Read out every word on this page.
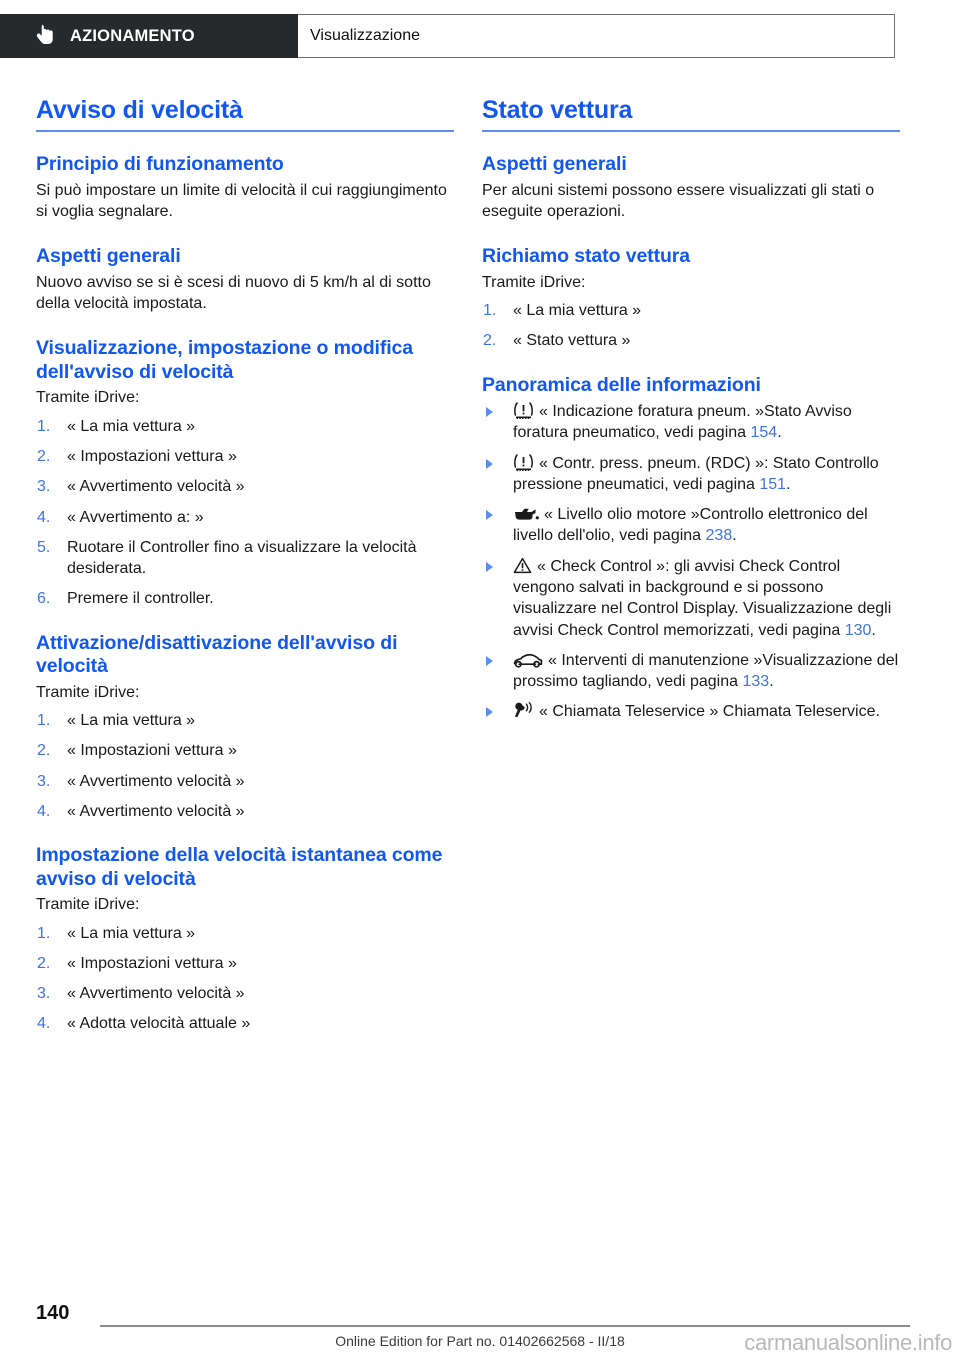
AZIONAMENTO	Visualizzazione
Avviso di velocità
Principio di funzionamento

Si può impostare un limite di velocità il cui raggiungimento si voglia segnalare.

Aspetti generali

Nuovo avviso se si è scesi di nuovo di 5 km/h al di sotto della velocità impostata.

Visualizzazione, impostazione o modifica dell'avviso di velocità

Tramite iDrive:

« La mia vettura »
« Impostazioni vettura »
« Avvertimento velocità »
« Avvertimento a: »
Ruotare il Controller fino a visualizzare la velocità desiderata.
Premere il controller.
Attivazione/disattivazione dell'avviso di velocità

Tramite iDrive:

« La mia vettura »
« Impostazioni vettura »
« Avvertimento velocità »
« Avvertimento velocità »
Impostazione della velocità istantanea come avviso di velocità

Tramite iDrive:

« La mia vettura »
« Impostazioni vettura »
« Avvertimento velocità »
« Adotta velocità attuale »
Stato vettura
Aspetti generali

Per alcuni sistemi possono essere visualizzati gli stati o eseguite operazioni.

Richiamo stato vettura

Tramite iDrive:

« La mia vettura »
« Stato vettura »
Panoramica delle informazioni
« Indicazione foratura pneum. »Stato Avviso foratura pneumatico, vedi pagina 154.
« Contr. press. pneum. (RDC) »: Stato Controllo pressione pneumatici, vedi pagina 151.
« Livello olio motore »Controllo elettronico del livello dell'olio, vedi pagina 238.
« Check Control »: gli avvisi Check Control vengono salvati in background e si possono visualizzare nel Control Display. Visualizzazione degli avvisi Check Control memorizzati, vedi pagina 130.
« Interventi di manutenzione »Visualizzazione del prossimo tagliando, vedi pagina 133.
« Chiamata Teleservice » Chiamata Teleservice.
140
Online Edition for Part no. 01402662568 - II/18	carmanualsonline.info
